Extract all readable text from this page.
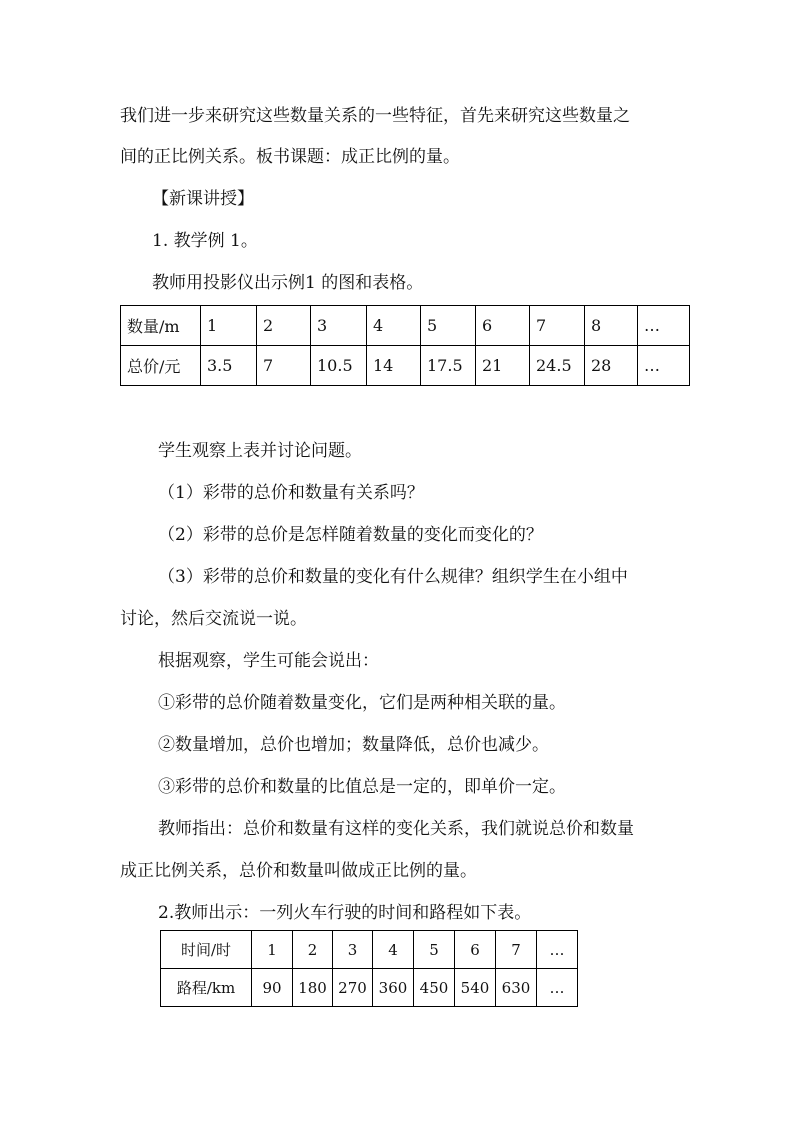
我们进一步来研究这些数量关系的一些特征，首先来研究这些数量之
间的正比例关系。板书课题：成正比例的量。
【新课讲授】
1. 教学例 1。
教师用投影仪出示例1 的图和表格。
数量/m	1	2	3	4	5	6	7	8	…
总价/元	3.5	7	10.5	14	17.5	21	24.5	28	…
学生观察上表并讨论问题。
（1）彩带的总价和数量有关系吗？
（2）彩带的总价是怎样随着数量的变化而变化的？
（3）彩带的总价和数量的变化有什么规律？组织学生在小组中
讨论，然后交流说一说。
根据观察，学生可能会说出：
①彩带的总价随着数量变化，它们是两种相关联的量。
②数量增加，总价也增加；数量降低，总价也减少。
③彩带的总价和数量的比值总是一定的，即单价一定。
教师指出：总价和数量有这样的变化关系，我们就说总价和数量
成正比例关系，总价和数量叫做成正比例的量。
2.教师出示：一列火车行驶的时间和路程如下表。
时间/时	1	2	3	4	5	6	7	…
路程/km	90	180	270	360	450	540	630	…
